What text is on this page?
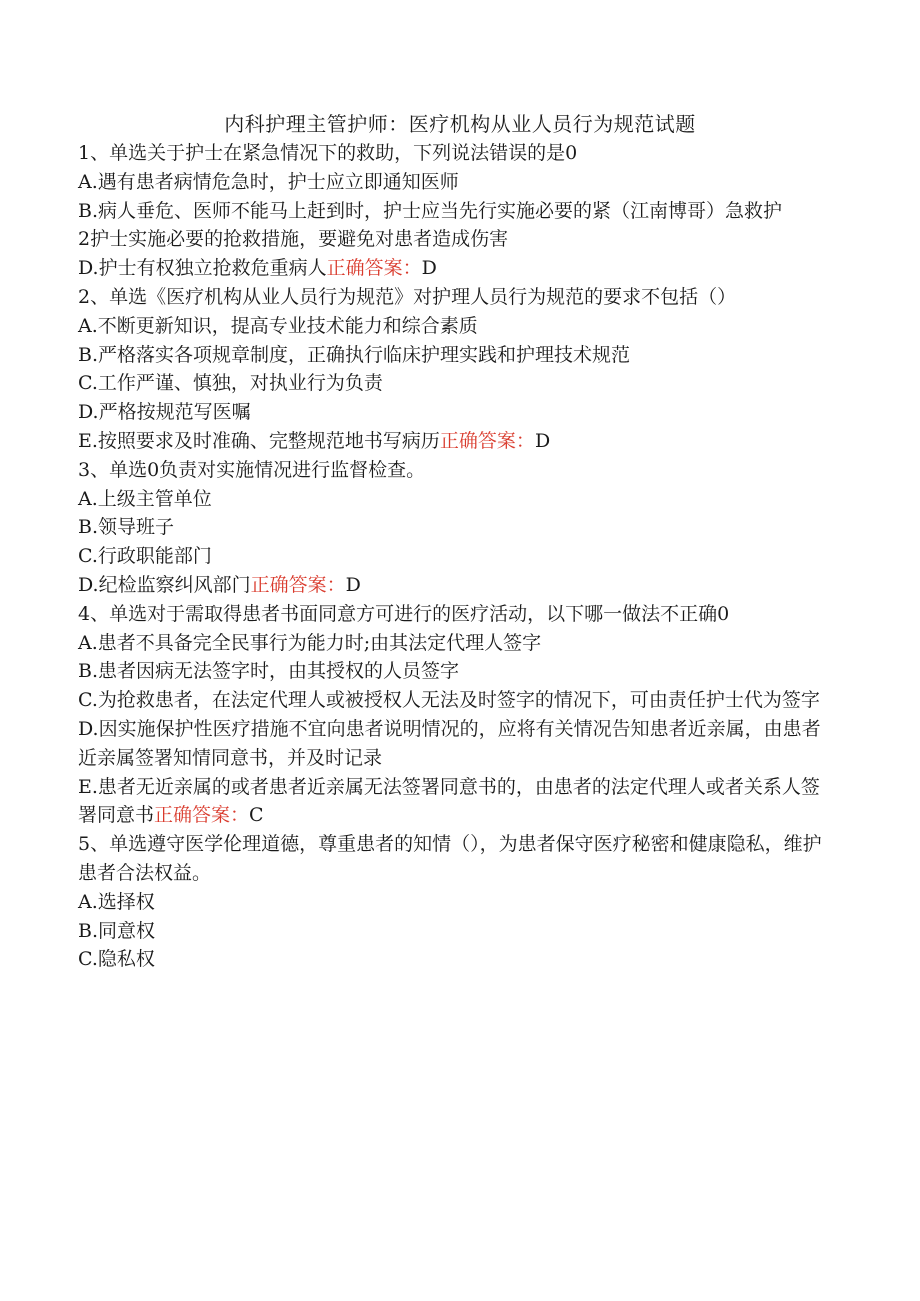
内科护理主管护师：医疗机构从业人员行为规范试题
1、单选关于护士在紧急情况下的救助，下列说法错误的是0
A.遇有患者病情危急时，护士应立即通知医师
B.病人垂危、医师不能马上赶到时，护士应当先行实施必要的紧（江南博哥）急救护
2护士实施必要的抢救措施，要避免对患者造成伤害
D.护士有权独立抢救危重病人正确答案：D
2、单选《医疗机构从业人员行为规范》对护理人员行为规范的要求不包括（）
A.不断更新知识，提高专业技术能力和综合素质
B.严格落实各项规章制度，正确执行临床护理实践和护理技术规范
C.工作严谨、慎独，对执业行为负责
D.严格按规范写医嘱
E.按照要求及时准确、完整规范地书写病历正确答案：D
3、单选0负责对实施情况进行监督检查。
A.上级主管单位
B.领导班子
C.行政职能部门
D.纪检监察纠风部门正确答案：D
4、单选对于需取得患者书面同意方可进行的医疗活动，以下哪一做法不正确0
A.患者不具备完全民事行为能力时;由其法定代理人签字
B.患者因病无法签字时，由其授权的人员签字
C.为抢救患者，在法定代理人或被授权人无法及时签字的情况下，可由责任护士代为签字
D.因实施保护性医疗措施不宜向患者说明情况的，应将有关情况告知患者近亲属，由患者近亲属签署知情同意书，并及时记录
E.患者无近亲属的或者患者近亲属无法签署同意书的，由患者的法定代理人或者关系人签署同意书正确答案：C
5、单选遵守医学伦理道德，尊重患者的知情（），为患者保守医疗秘密和健康隐私，维护患者合法权益。
A.选择权
B.同意权
C.隐私权
